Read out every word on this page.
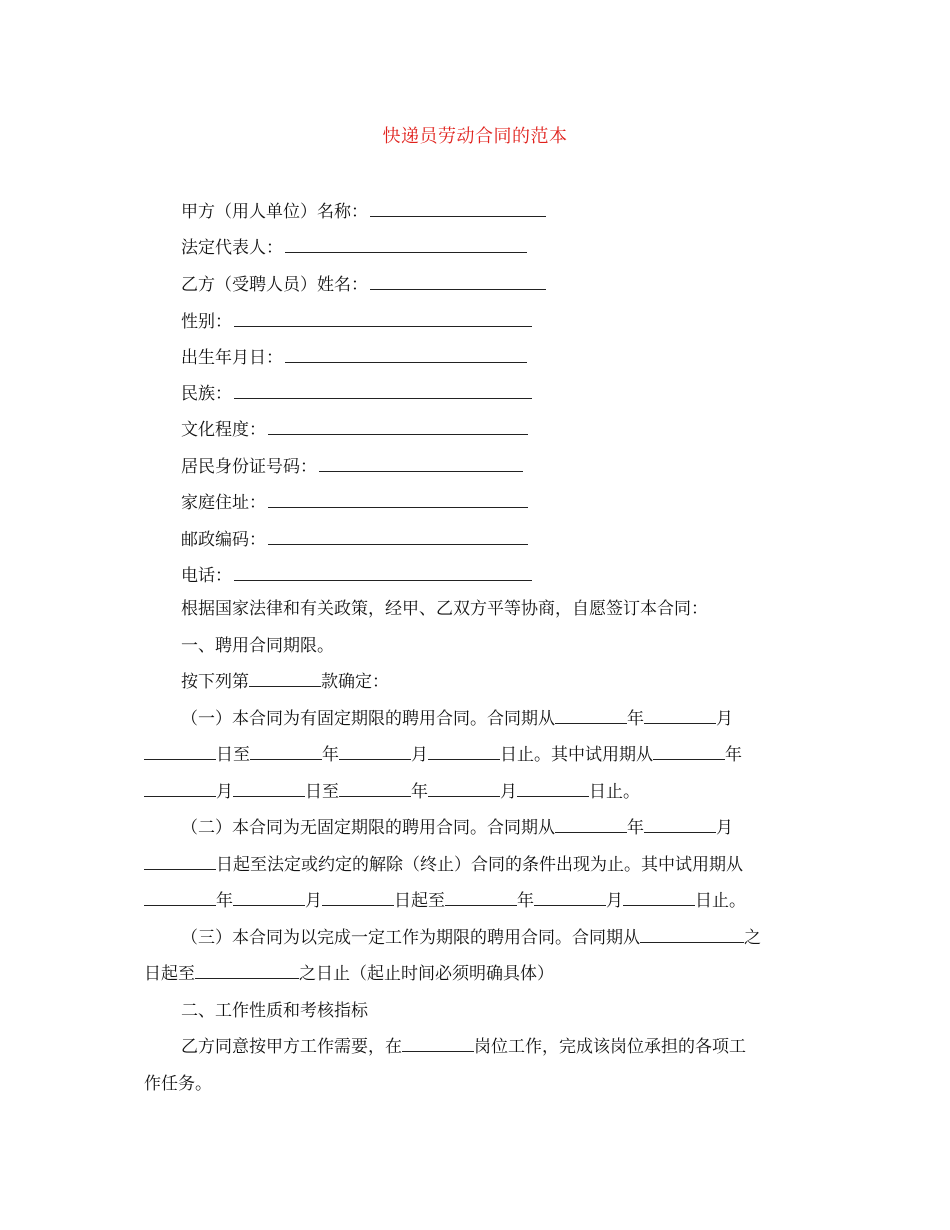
快递员劳动合同的范本
甲方（用人单位）名称：
法定代表人：
乙方（受聘人员）姓名：
性别：
出生年月日：
民族：
文化程度：
居民身份证号码：
家庭住址：
邮政编码：
电话：
根据国家法律和有关政策，经甲、乙双方平等协商，自愿签订本合同：
一、聘用合同期限。
按下列第	款确定：
（一）本合同为有固定期限的聘用合同。合同期从	年	月
日至	年	月	日止。其中试用期从	年
月	日至	年	月	日止。
（二）本合同为无固定期限的聘用合同。合同期从	年	月
日起至法定或约定的解除（终止）合同的条件出现为止。其中试用期从
年	月	日起至	年	月	日止。
（三）本合同为以完成一定工作为期限的聘用合同。合同期从	之
日起至	之日止（起止时间必须明确具体）
二、工作性质和考核指标
乙方同意按甲方工作需要，在	岗位工作，完成该岗位承担的各项工
作任务。
